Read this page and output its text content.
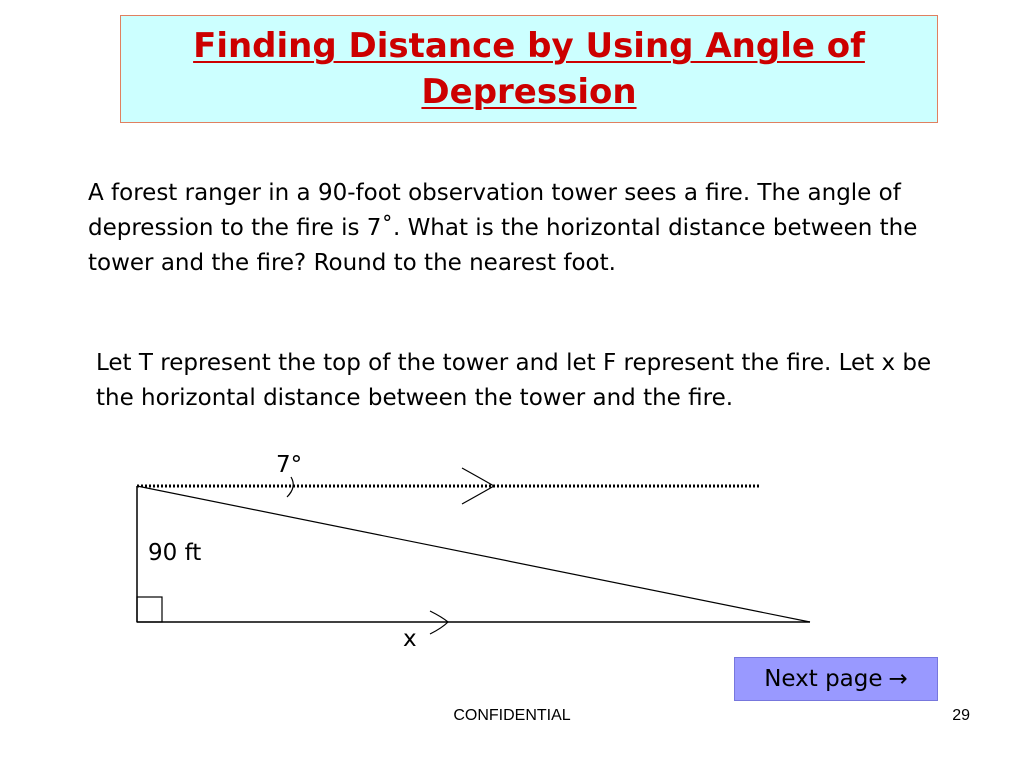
Finding Distance by Using Angle of Depression
A forest ranger in a 90-foot observation tower sees a fire. The angle of depression to the fire is 7˚. What is the horizontal distance between the tower and the fire? Round to the nearest foot.
Let T represent the top of the tower and let F represent the fire. Let x be the horizontal distance between the tower and the fire.
7°
90 ft
x
Next page →
CONFIDENTIAL	29
